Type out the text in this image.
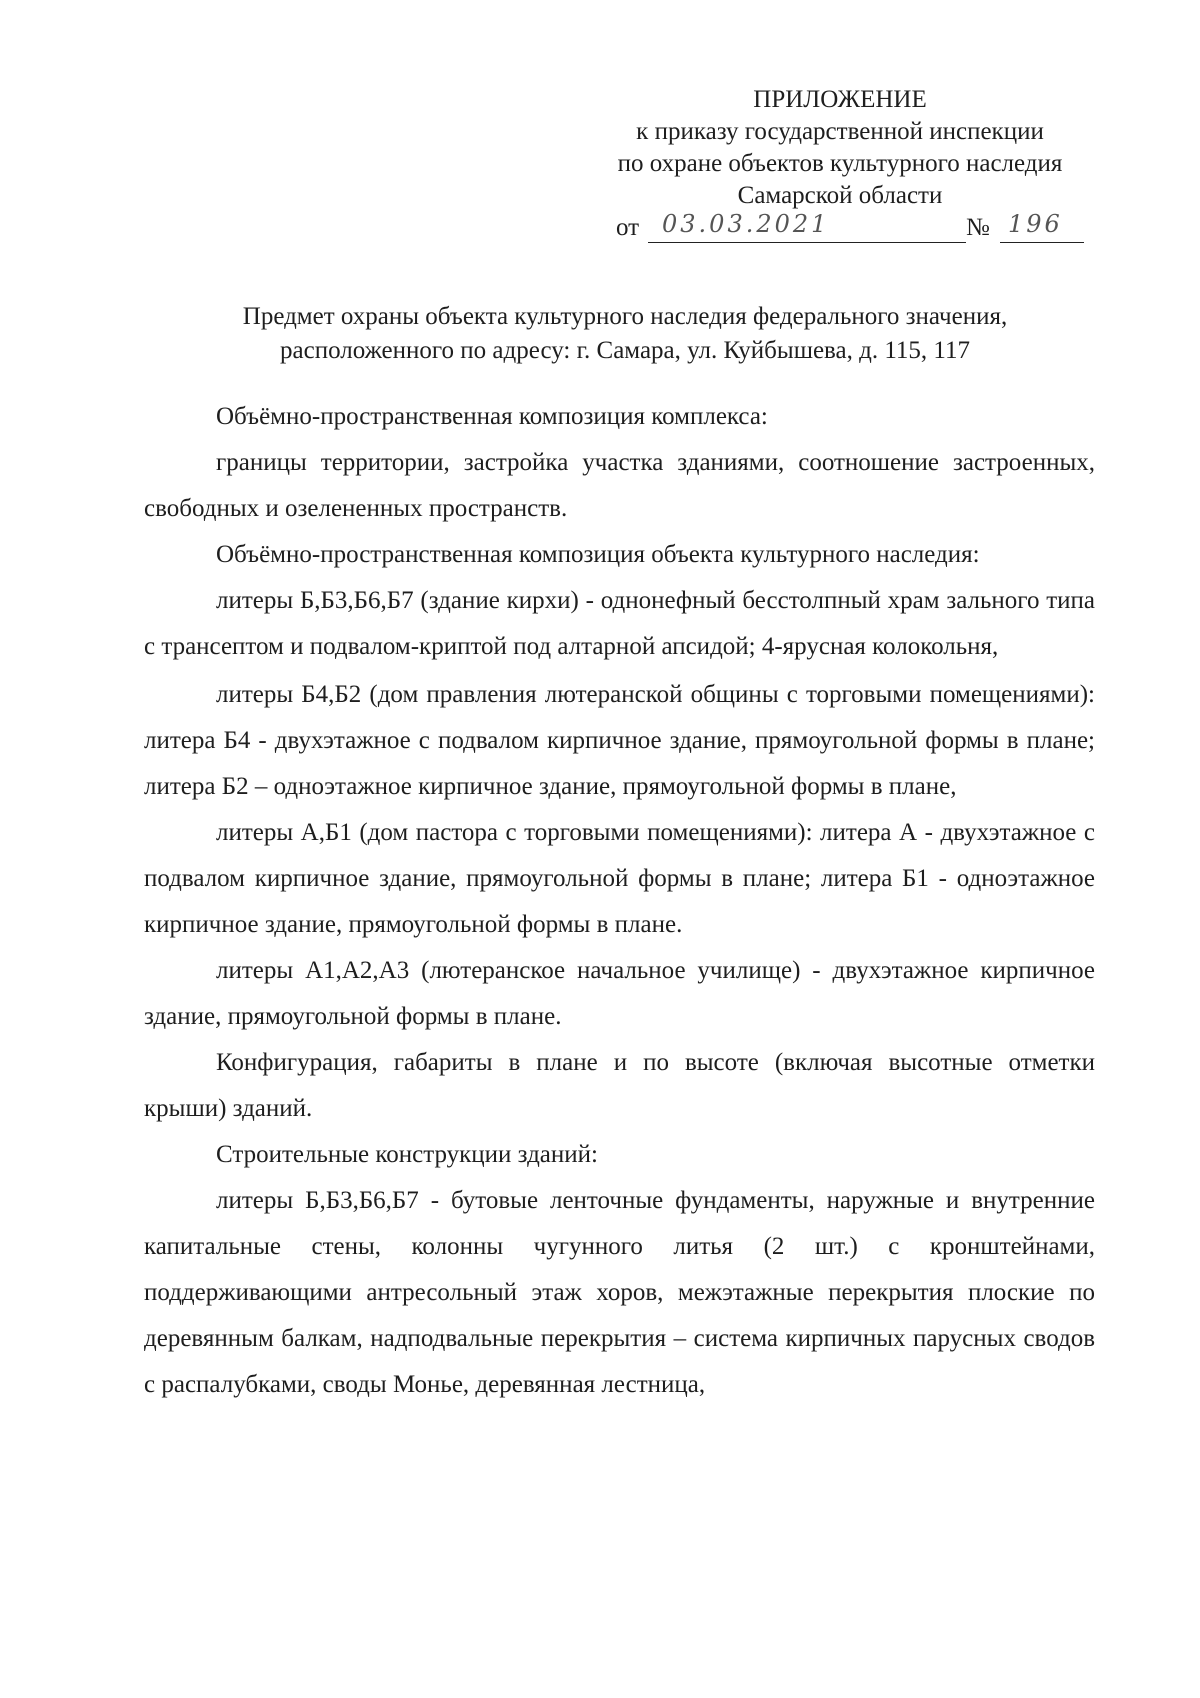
ПРИЛОЖЕНИЕ
к приказу государственной инспекции
по охране объектов культурного наследия
Самарской области
от 03.03.2021	№ 196
Предмет охраны объекта культурного наследия федерального значения,
расположенного по адресу: г. Самара, ул. Куйбышева, д. 115, 117

Объёмно-пространственная композиция комплекса:

границы территории, застройка участка зданиями, соотношение застроенных, свободных и озелененных пространств.

Объёмно-пространственная композиция объекта культурного наследия:

литеры Б,Б3,Б6,Б7 (здание кирхи) - однонефный бесстолпный храм зального типа с трансептом и подвалом-криптой под алтарной апсидой; 4-ярусная колокольня,

литеры Б4,Б2 (дом правления лютеранской общины с торговыми помещениями): литера Б4 - двухэтажное с подвалом кирпичное здание, прямоугольной формы в плане; литера Б2 – одноэтажное кирпичное здание, прямоугольной формы в плане,

литеры А,Б1 (дом пастора с торговыми помещениями): литера А - двухэтажное с подвалом кирпичное здание, прямоугольной формы в плане; литера Б1 - одноэтажное кирпичное здание, прямоугольной формы в плане.

литеры А1,А2,А3 (лютеранское начальное училище) - двухэтажное кирпичное здание, прямоугольной формы в плане.

Конфигурация, габариты в плане и по высоте (включая высотные отметки крыши) зданий.

Строительные конструкции зданий:

литеры Б,Б3,Б6,Б7 - бутовые ленточные фундаменты, наружные и внутренние капитальные стены, колонны чугунного литья (2 шт.) с кронштейнами, поддерживающими антресольный этаж хоров, межэтажные перекрытия плоские по деревянным балкам, надподвальные перекрытия – система кирпичных парусных сводов с распалубками, своды Монье, деревянная лестница,
